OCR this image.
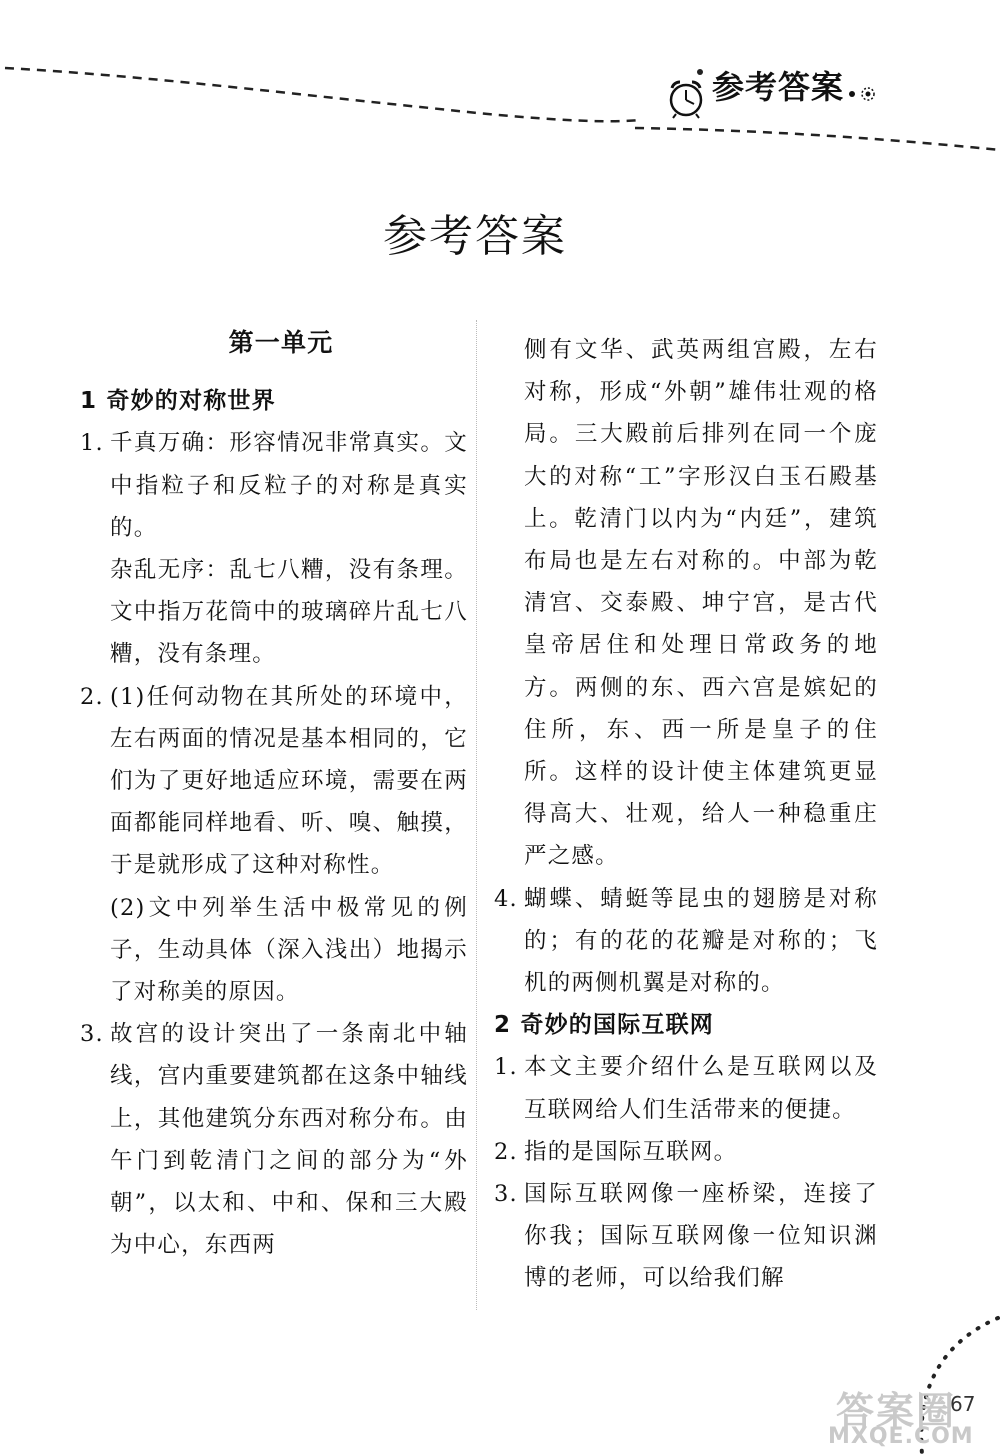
参考答案
参考答案
第一单元
1 奇妙的对称世界
1. 千真万确：形容情况非常真实。文中指粒子和反粒子的对称是真实的。
杂乱无序：乱七八糟，没有条理。文中指万花筒中的玻璃碎片乱七八糟，没有条理。
2. (1)任何动物在其所处的环境中，左右两面的情况是基本相同的，它们为了更好地适应环境，需要在两面都能同样地看、听、嗅、触摸，于是就形成了这种对称性。
(2)文中列举生活中极常见的例子，生动具体（深入浅出）地揭示了对称美的原因。
3. 故宫的设计突出了一条南北中轴线，宫内重要建筑都在这条中轴线上，其他建筑分东西对称分布。由午门到乾清门之间的部分为“外朝”，以太和、中和、保和三大殿为中心，东西两
侧有文华、武英两组宫殿，左右对称，形成“外朝”雄伟壮观的格局。三大殿前后排列在同一个庞大的对称“工”字形汉白玉石殿基上。乾清门以内为“内廷”，建筑布局也是左右对称的。中部为乾清宫、交泰殿、坤宁宫，是古代皇帝居住和处理日常政务的地方。两侧的东、西六宫是嫔妃的住所，东、西一所是皇子的住所。这样的设计使主体建筑更显得高大、壮观，给人一种稳重庄严之感。
4. 蝴蝶、蜻蜓等昆虫的翅膀是对称的；有的花的花瓣是对称的；飞机的两侧机翼是对称的。
2 奇妙的国际互联网
1. 本文主要介绍什么是互联网以及互联网给人们生活带来的便捷。
2. 指的是国际互联网。
3. 国际互联网像一座桥梁，连接了你我；国际互联网像一位知识渊博的老师，可以给我们解
答案圈
MXQE.COM
67
